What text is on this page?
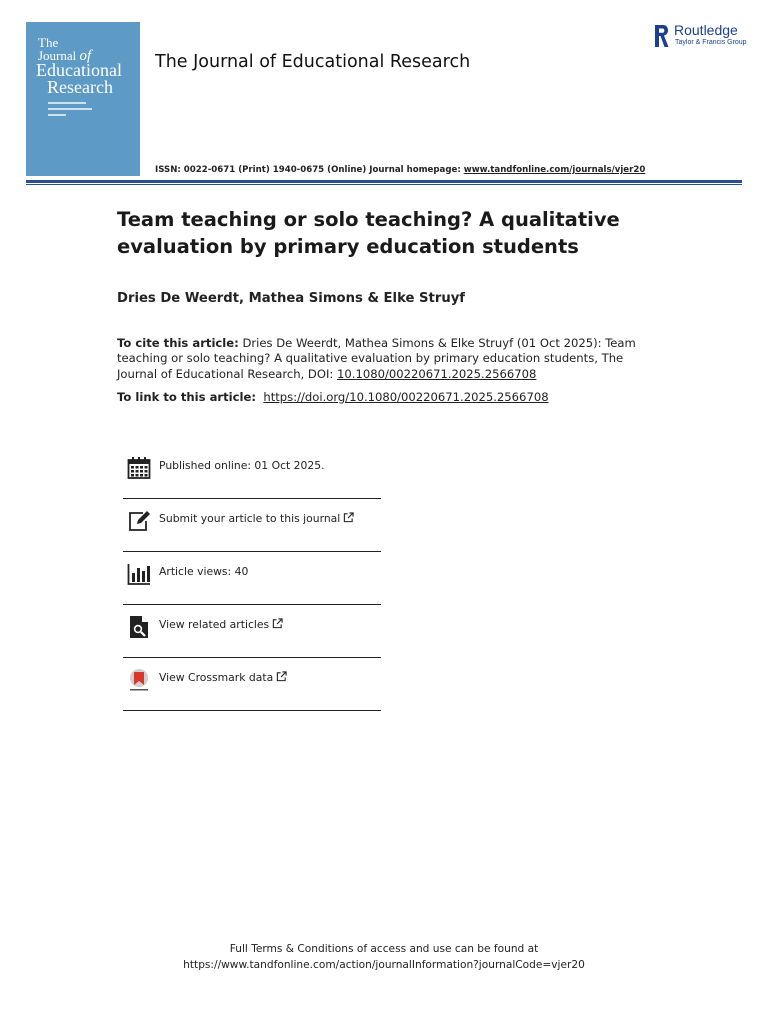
The
Journal of
Educational
Research
The Journal of Educational Research
Routledge
Taylor & Francis Group
ISSN: 0022-0671 (Print) 1940-0675 (Online) Journal homepage: www.tandfonline.com/journals/vjer20
Team teaching or solo teaching? A qualitative evaluation by primary education students
Dries De Weerdt, Mathea Simons & Elke Struyf
To cite this article: Dries De Weerdt, Mathea Simons & Elke Struyf (01 Oct 2025): Team teaching or solo teaching? A qualitative evaluation by primary education students, The Journal of Educational Research, DOI: 10.1080/00220671.2025.2566708
To link to this article: https://doi.org/10.1080/00220671.2025.2566708
Published online: 01 Oct 2025.
Submit your article to this journal
Article views: 40
View related articles
View Crossmark data
Full Terms & Conditions of access and use can be found at
https://www.tandfonline.com/action/journalInformation?journalCode=vjer20
